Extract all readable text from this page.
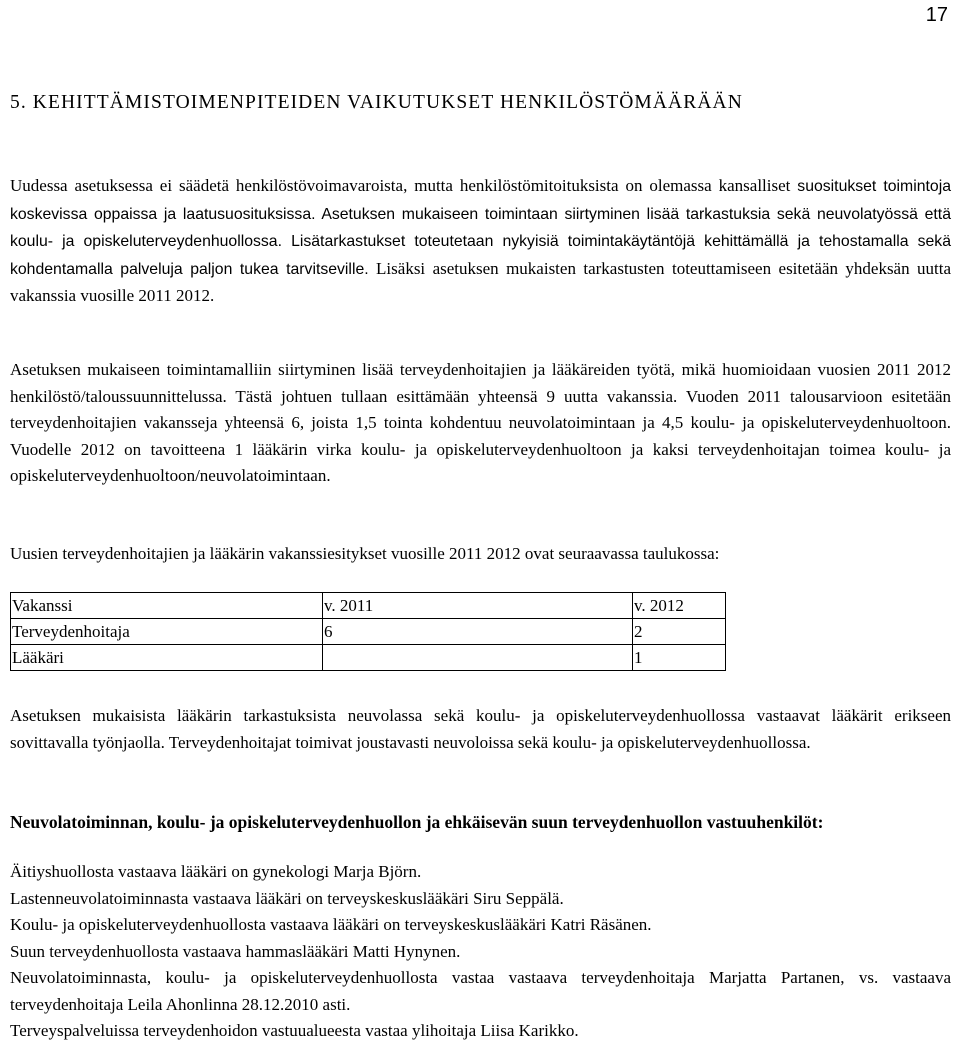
17
5. KEHITTÄMISTOIMENPITEIDEN VAIKUTUKSET HENKILÖSTÖMÄÄRÄÄN

Uudessa asetuksessa ei säädetä henkilöstövoimavaroista, mutta henkilöstömitoituksista on olemassa kansalliset suositukset toimintoja koskevissa oppaissa ja laatusuosituksissa. Asetuksen mukaiseen toimintaan siirtyminen lisää tarkastuksia sekä neuvolatyössä että koulu- ja opiskeluterveydenhuollossa. Lisätarkastukset toteutetaan nykyisiä toimintakäytäntöjä kehittämällä ja tehostamalla sekä kohdentamalla palveluja paljon tukea tarvitseville. Lisäksi asetuksen mukaisten tarkastusten toteuttamiseen esitetään yhdeksän uutta vakanssia vuosille 2011 2012.

Asetuksen mukaiseen toimintamalliin siirtyminen lisää terveydenhoitajien ja lääkäreiden työtä, mikä huomioidaan vuosien 2011 2012 henkilöstö/taloussuunnittelussa. Tästä johtuen tullaan esittämään yhteensä 9 uutta vakanssia. Vuoden 2011 talousarvioon esitetään terveydenhoitajien vakansseja yhteensä 6, joista 1,5 tointa kohdentuu neuvolatoimintaan ja 4,5 koulu- ja opiskeluterveydenhuoltoon. Vuodelle 2012 on tavoitteena 1 lääkärin virka koulu- ja opiskeluterveydenhuoltoon ja kaksi terveydenhoitajan toimea koulu- ja opiskeluterveydenhuoltoon/neuvolatoimintaan.

Uusien terveydenhoitajien ja lääkärin vakanssiesitykset vuosille 2011 2012 ovat seuraavassa taulukossa:

Vakanssi	v. 2011	v. 2012
Terveydenhoitaja	6	2
Lääkäri		1

Asetuksen mukaisista lääkärin tarkastuksista neuvolassa sekä koulu- ja opiskeluterveydenhuollossa vastaavat lääkärit erikseen sovittavalla työnjaolla. Terveydenhoitajat toimivat joustavasti neuvoloissa sekä koulu- ja opiskeluterveydenhuollossa.

Neuvolatoiminnan, koulu- ja opiskeluterveydenhuollon ja ehkäisevän suun terveydenhuollon vastuuhenkilöt:

Äitiyshuollosta vastaava lääkäri on gynekologi Marja Björn.
Lastenneuvolatoiminnasta vastaava lääkäri on terveyskeskuslääkäri Siru Seppälä.
Koulu- ja opiskeluterveydenhuollosta vastaava lääkäri on terveyskeskuslääkäri Katri Räsänen.
Suun terveydenhuollosta vastaava hammaslääkäri Matti Hynynen.
Neuvolatoiminnasta, koulu- ja opiskeluterveydenhuollosta vastaa vastaava terveydenhoitaja Marjatta Partanen, vs. vastaava terveydenhoitaja Leila Ahonlinna 28.12.2010 asti.
Terveyspalveluissa terveydenhoidon vastuualueesta vastaa ylihoitaja Liisa Karikko.
